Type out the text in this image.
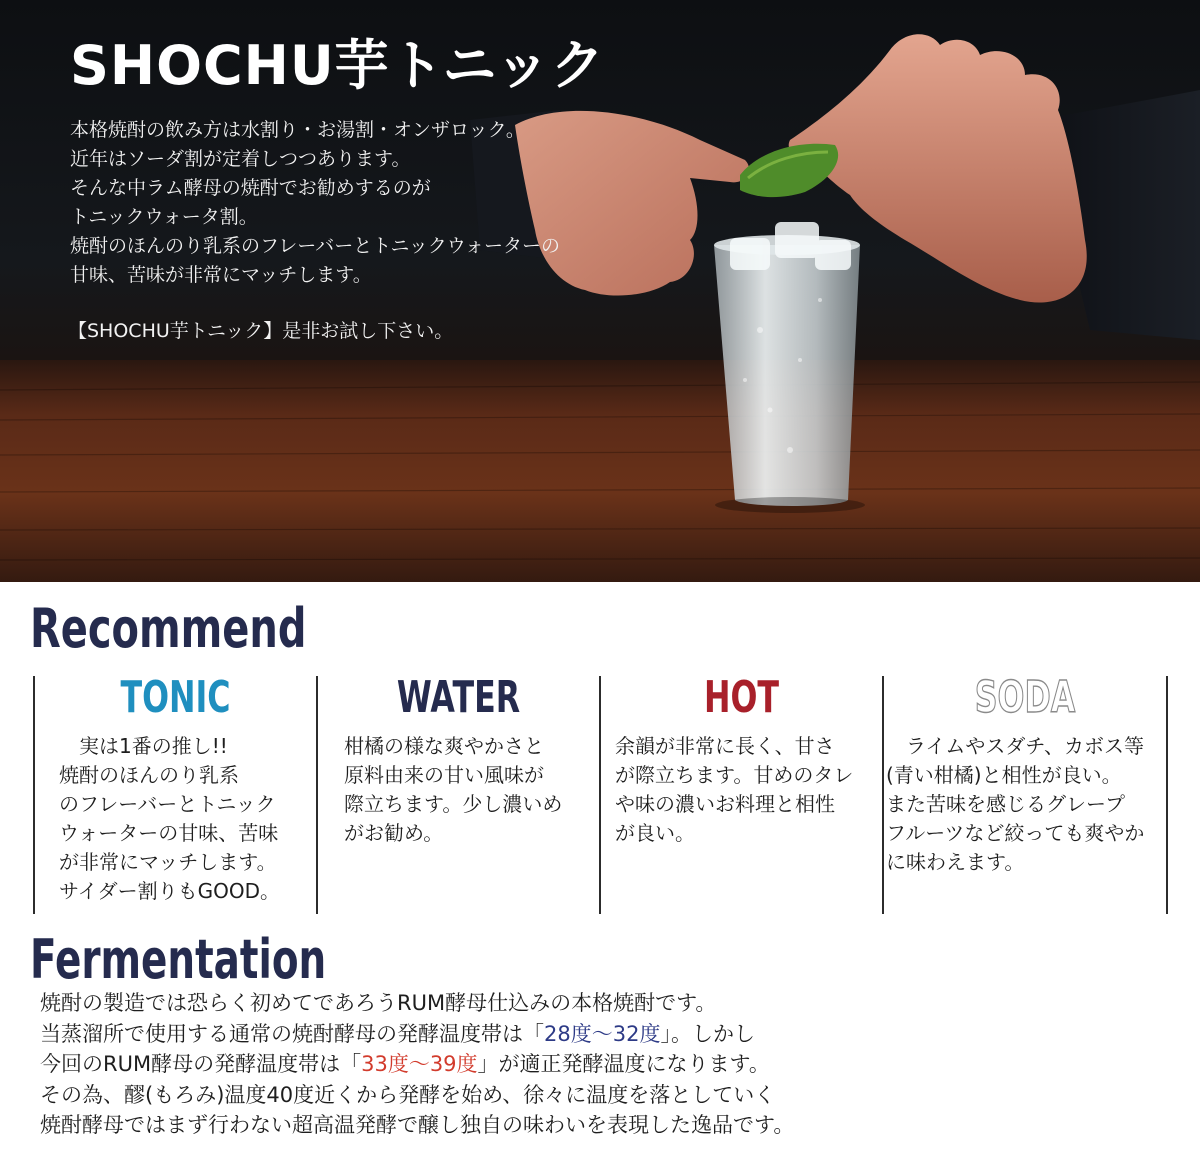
SHOCHU芋トニック
本格焼酎の飲み方は水割り・お湯割・オンザロック。
近年はソーダ割が定着しつつあります。
そんな中ラム酵母の焼酎でお勧めするのが
トニックウォータ割。
焼酎のほんのり乳系のフレーバーとトニックウォーターの
甘味、苦味が非常にマッチします。
【SHOCHU芋トニック】是非お試し下さい。
Recommend
TONIC
　実は1番の推し!!
焼酎のほんのり乳系
のフレーバーとトニック
ウォーターの甘味、苦味
が非常にマッチします。
サイダー割りもGOOD。
WATER
柑橘の様な爽やかさと
原料由来の甘い風味が
際立ちます。少し濃いめ
がお勧め。
HOT
余韻が非常に長く、甘さ
が際立ちます。甘めのタレ
や味の濃いお料理と相性
が良い。
SODA
　ライムやスダチ、カボス等
(青い柑橘)と相性が良い。
また苦味を感じるグレープ
フルーツなど絞っても爽やか
に味わえます。
Fermentation
焼酎の製造では恐らく初めてであろうRUM酵母仕込みの本格焼酎です。
当蒸溜所で使用する通常の焼酎酵母の発酵温度帯は「28度〜32度」。しかし
今回のRUM酵母の発酵温度帯は「33度〜39度」が適正発酵温度になります。
その為、醪(もろみ)温度40度近くから発酵を始め、徐々に温度を落としていく
焼酎酵母ではまず行わない超高温発酵で醸し独自の味わいを表現した逸品です。
